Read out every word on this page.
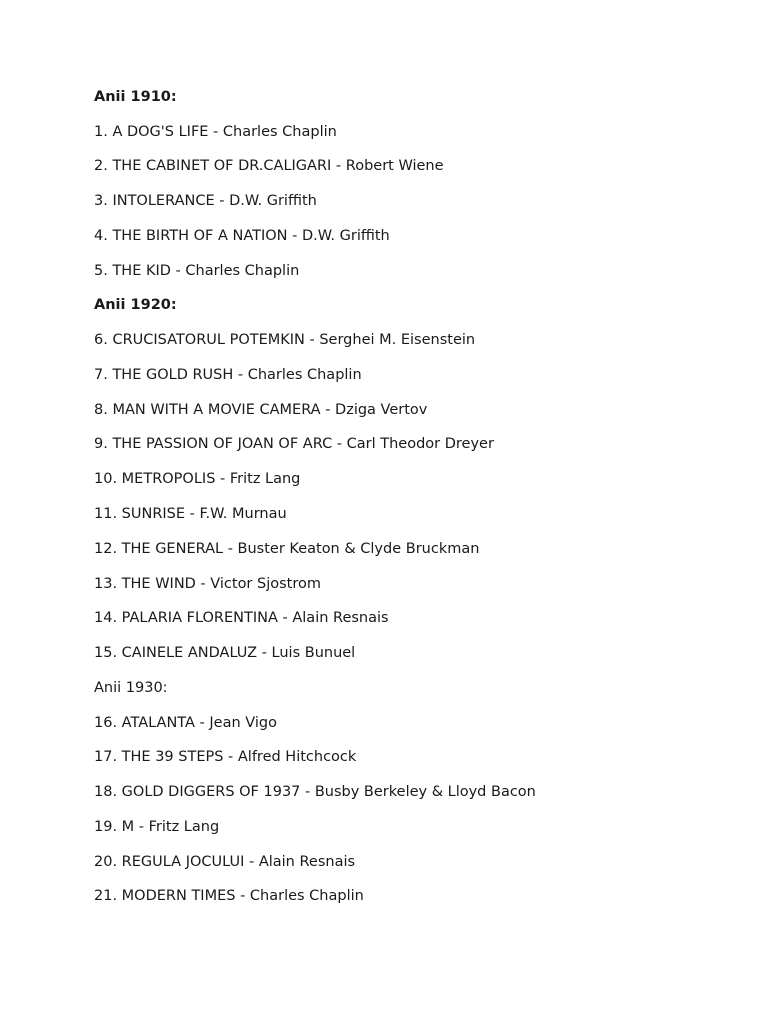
Anii 1910:
1. A DOG'S LIFE - Charles Chaplin
2. THE CABINET OF DR.CALIGARI - Robert Wiene
3. INTOLERANCE - D.W. Griffith
4. THE BIRTH OF A NATION - D.W. Griffith
5. THE KID - Charles Chaplin
Anii 1920:
6. CRUCISATORUL POTEMKIN - Serghei M. Eisenstein
7. THE GOLD RUSH - Charles Chaplin
8. MAN WITH A MOVIE CAMERA - Dziga Vertov
9. THE PASSION OF JOAN OF ARC - Carl Theodor Dreyer
10. METROPOLIS - Fritz Lang
11. SUNRISE - F.W. Murnau
12. THE GENERAL - Buster Keaton & Clyde Bruckman
13. THE WIND - Victor Sjostrom
14. PALARIA FLORENTINA - Alain Resnais
15. CAINELE ANDALUZ - Luis Bunuel
Anii 1930:
16. ATALANTA - Jean Vigo
17. THE 39 STEPS - Alfred Hitchcock
18. GOLD DIGGERS OF 1937 - Busby Berkeley & Lloyd Bacon
19. M - Fritz Lang
20. REGULA JOCULUI - Alain Resnais
21. MODERN TIMES - Charles Chaplin
